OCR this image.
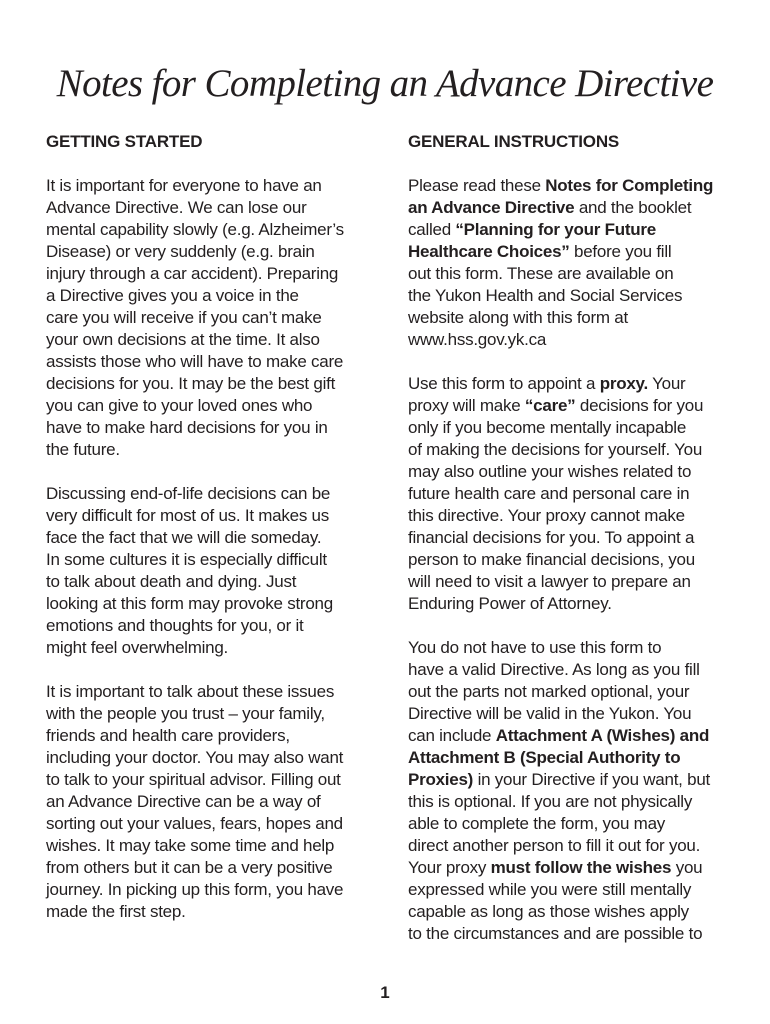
Notes for Completing an Advance Directive
GETTING STARTED
It is important for everyone to have an
Advance Directive. We can lose our
mental capability slowly (e.g. Alzheimer’s
Disease) or very suddenly (e.g. brain
injury through a car accident). Preparing
a Directive gives you a voice in the
care you will receive if you can’t make
your own decisions at the time. It also
assists those who will have to make care
decisions for you. It may be the best gift
you can give to your loved ones who
have to make hard decisions for you in
the future.
Discussing end-of-life decisions can be
very difficult for most of us. It makes us
face the fact that we will die someday.
In some cultures it is especially difficult
to talk about death and dying. Just
looking at this form may provoke strong
emotions and thoughts for you, or it
might feel overwhelming.
It is important to talk about these issues
with the people you trust – your family,
friends and health care providers,
including your doctor. You may also want
to talk to your spiritual advisor. Filling out
an Advance Directive can be a way of
sorting out your values, fears, hopes and
wishes. It may take some time and help
from others but it can be a very positive
journey. In picking up this form, you have
made the first step.
GENERAL INSTRUCTIONS
Please read these Notes for Completing
an Advance Directive and the booklet
called “Planning for your Future
Healthcare Choices” before you fill
out this form. These are available on
the Yukon Health and Social Services
website along with this form at
www.hss.gov.yk.ca
Use this form to appoint a proxy. Your
proxy will make “care” decisions for you
only if you become mentally incapable
of making the decisions for yourself. You
may also outline your wishes related to
future health care and personal care in
this directive. Your proxy cannot make
financial decisions for you. To appoint a
person to make financial decisions, you
will need to visit a lawyer to prepare an
Enduring Power of Attorney.
You do not have to use this form to
have a valid Directive. As long as you fill
out the parts not marked optional, your
Directive will be valid in the Yukon. You
can include Attachment A (Wishes) and
Attachment B (Special Authority to
Proxies) in your Directive if you want, but
this is optional. If you are not physically
able to complete the form, you may
direct another person to fill it out for you.
Your proxy must follow the wishes you
expressed while you were still mentally
capable as long as those wishes apply
to the circumstances and are possible to
1
